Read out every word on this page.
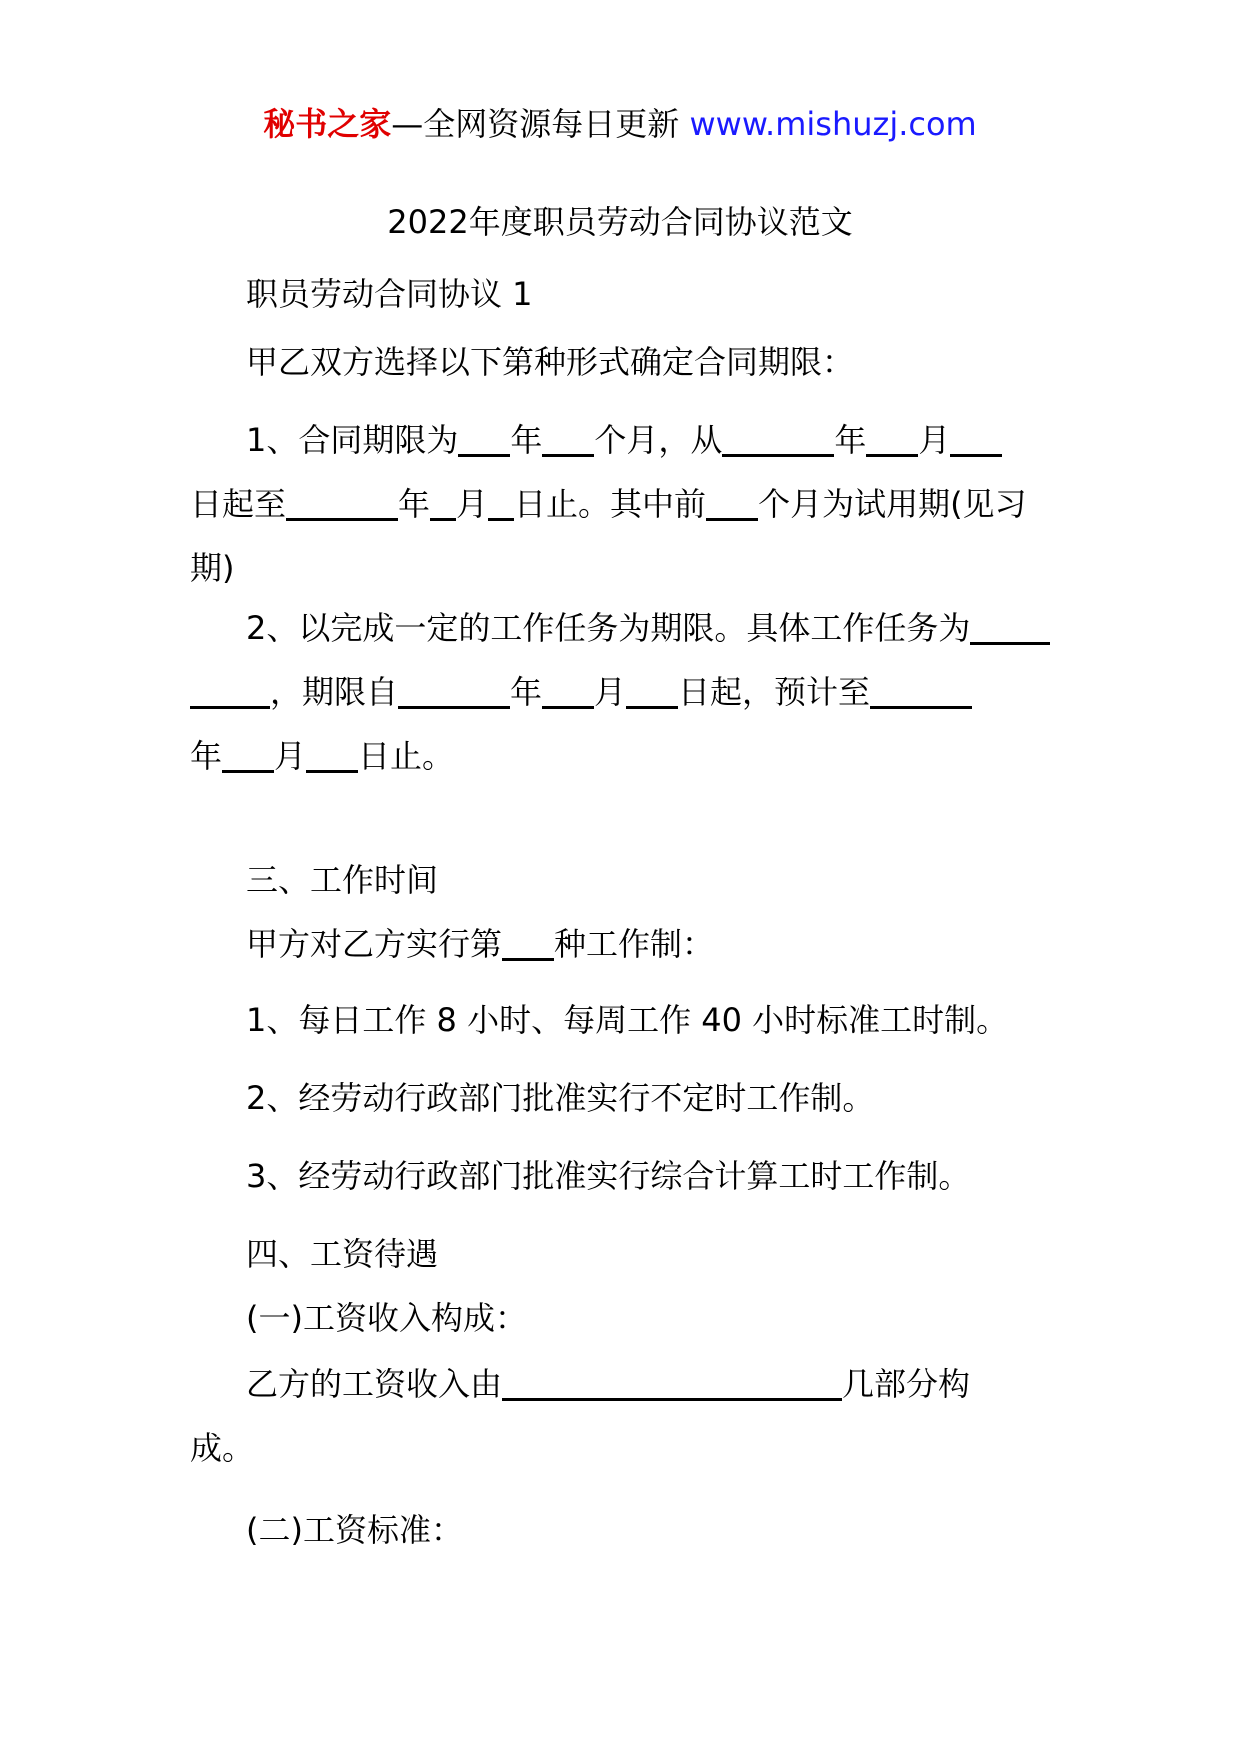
秘书之家—全网资源每日更新 www.mishuzj.com
2022年度职员劳动合同协议范文
职员劳动合同协议 1
甲乙双方选择以下第种形式确定合同期限：
1、合同期限为 年 个月，从	年 月
日起至	年 月 日止。其中前 个月为试用期(见习
期)
2、以完成一定的工作任务为期限。具体工作任务为
，期限自	年 月 日起，预计至
年 月 日止。
三、工作时间
甲方对乙方实行第 种工作制：
1、每日工作 8 小时、每周工作 40 小时标准工时制。
2、经劳动行政部门批准实行不定时工作制。
3、经劳动行政部门批准实行综合计算工时工作制。
四、工资待遇
(一)工资收入构成：
乙方的工资收入由	几部分构
成。
(二)工资标准：
